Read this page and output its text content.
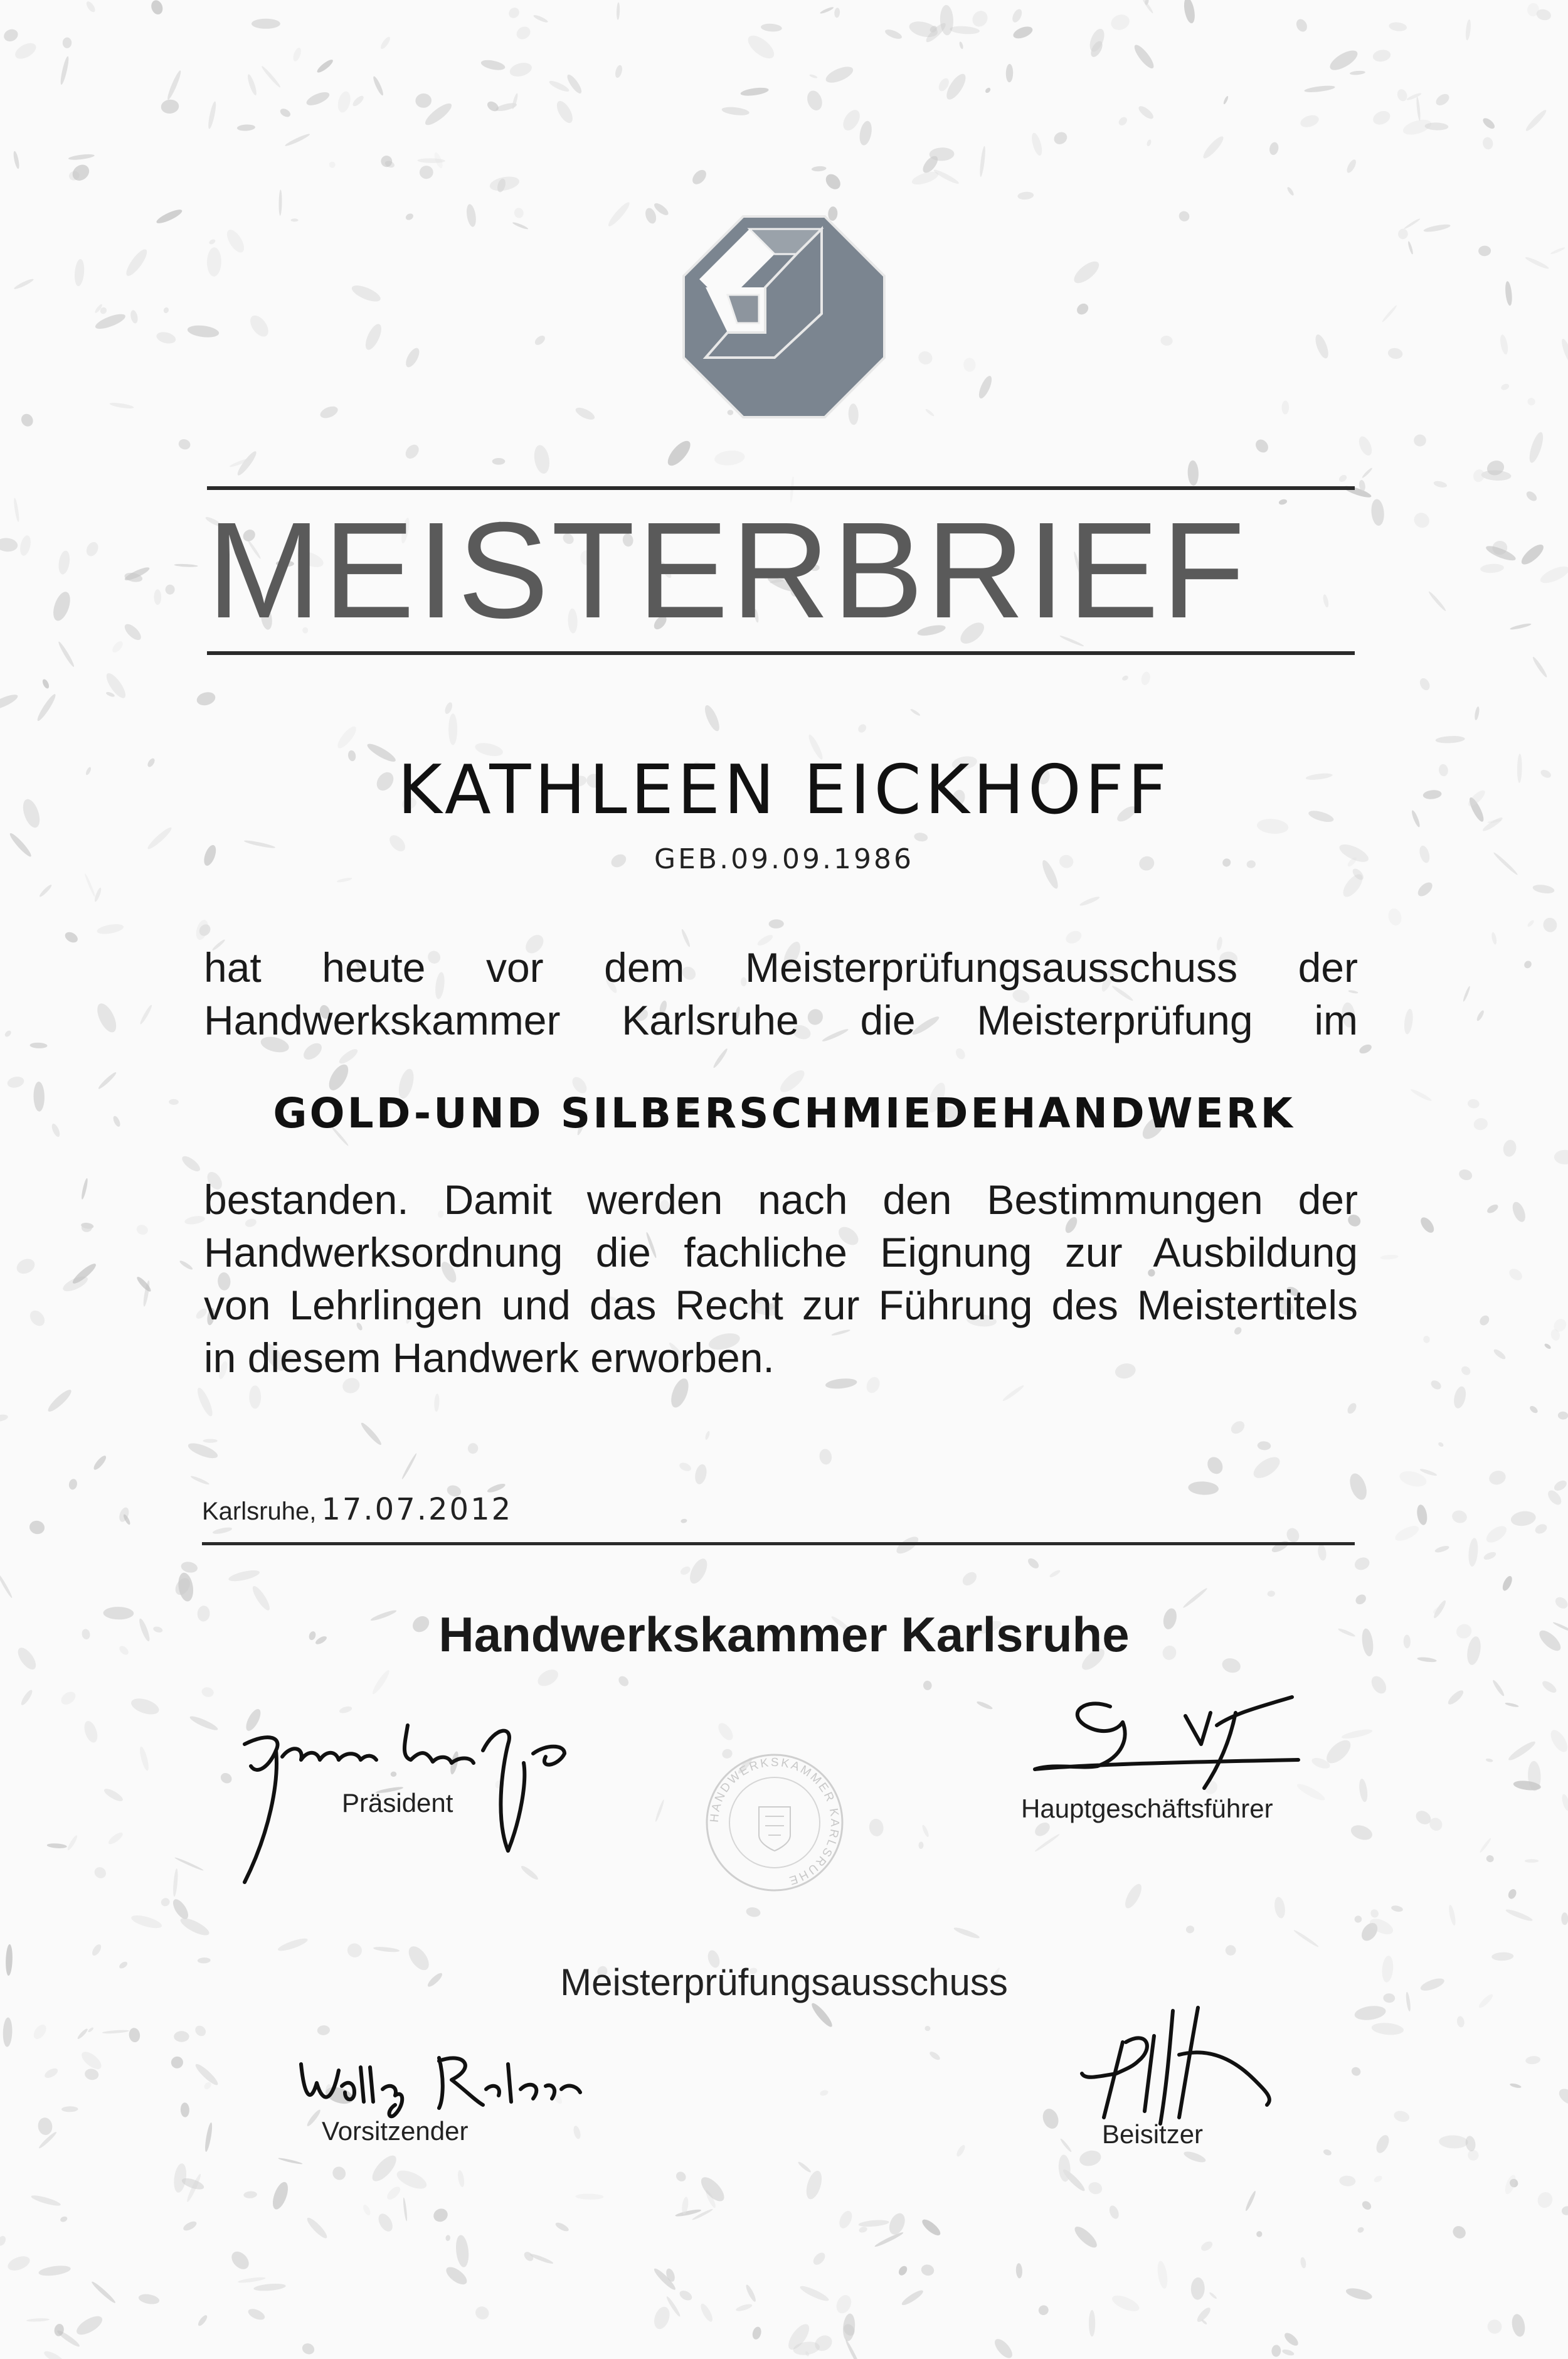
MEISTERBRIEF
KATHLEEN EICKHOFF
GEB.09.09.1986

hat heute vor dem Meisterprüfungsausschuss der

Handwerkskammer Karlsruhe die Meisterprüfung im

GOLD-UND SILBERSCHMIEDEHANDWERK

bestanden. Damit werden nach den Bestimmungen der

Handwerksordnung die fachliche Eignung zur Ausbildung

von Lehrlingen und das Recht zur Führung des Meistertitels

in diesem Handwerk erworben.

Karlsruhe, 17.07.2012
Handwerkskammer Karlsruhe
Präsident	HANDWERKSKAMMER KARLSRUHE
Hauptgeschäftsführer
Meisterprüfungsausschuss
Vorsitzender	Beisitzer
